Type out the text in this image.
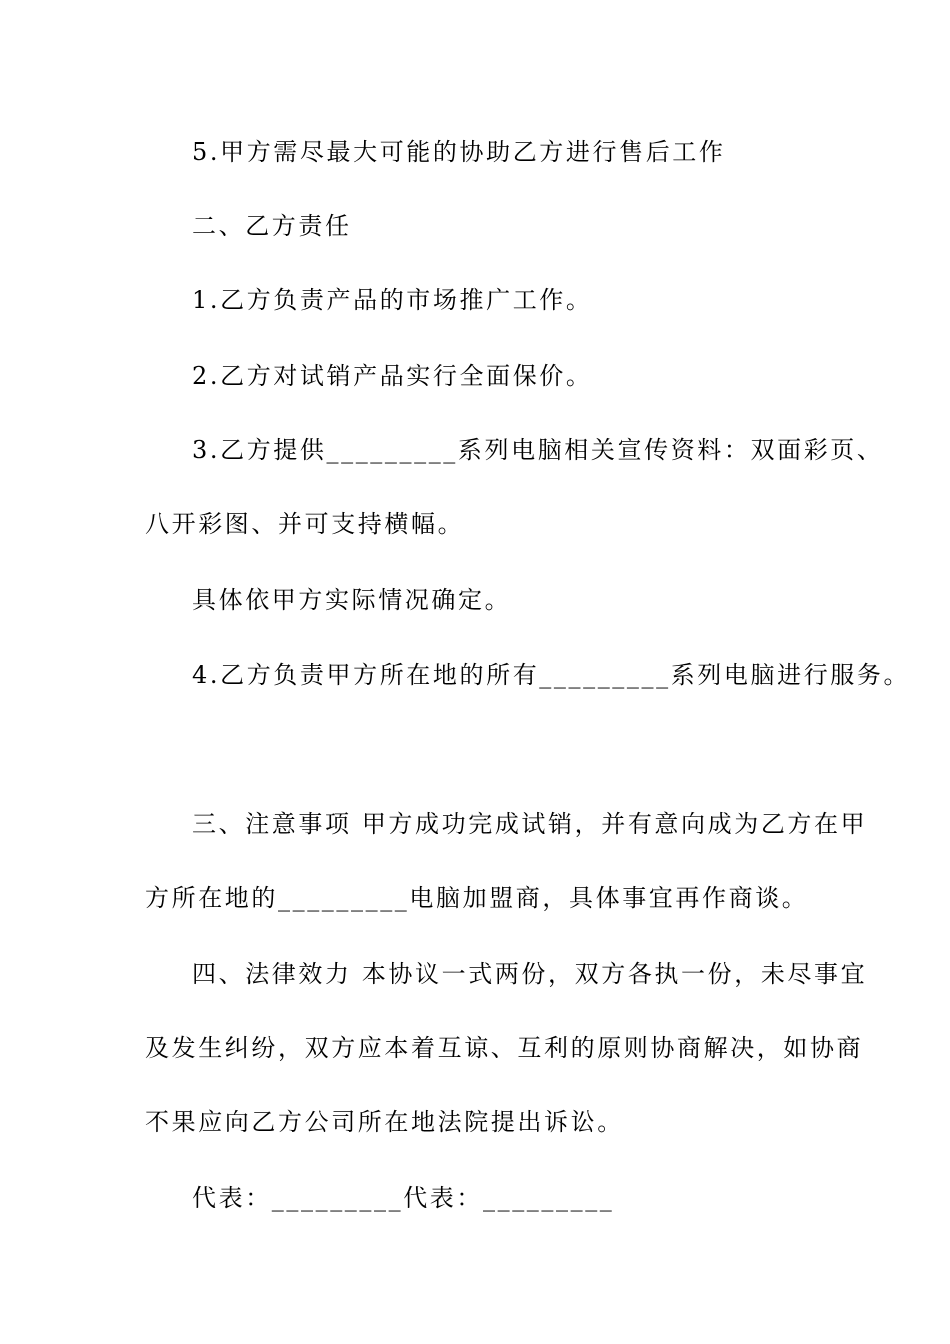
5.甲方需尽最大可能的协助乙方进行售后工作
二、乙方责任
1.乙方负责产品的市场推广工作。
2.乙方对试销产品实行全面保价。
3.乙方提供_________系列电脑相关宣传资料：双面彩页、
八开彩图、并可支持横幅。
具体依甲方实际情况确定。
4.乙方负责甲方所在地的所有_________系列电脑进行服务。
三、注意事项 甲方成功完成试销，并有意向成为乙方在甲
方所在地的_________电脑加盟商，具体事宜再作商谈。
四、法律效力 本协议一式两份，双方各执一份，未尽事宜
及发生纠纷，双方应本着互谅、互利的原则协商解决，如协商
不果应向乙方公司所在地法院提出诉讼。
代表：_________代表：_________
